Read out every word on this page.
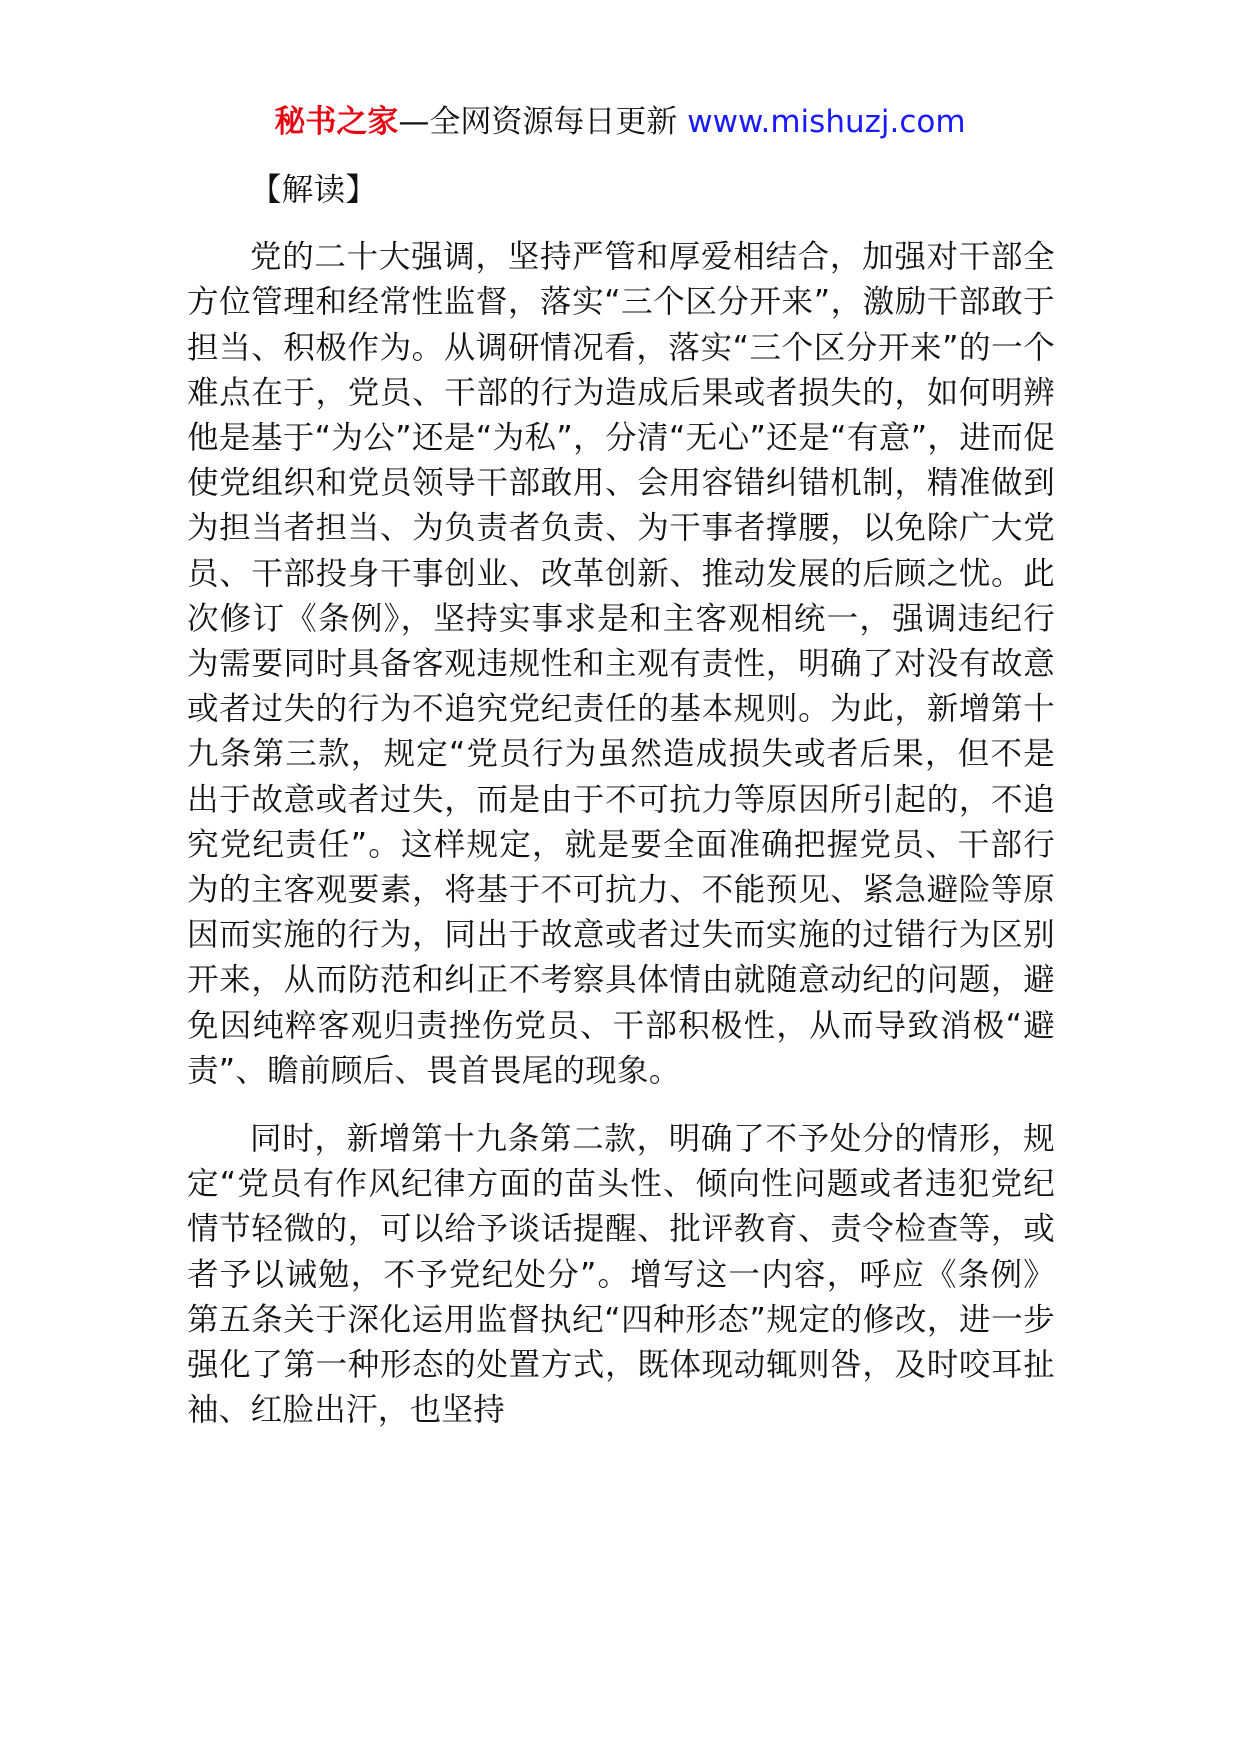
秘书之家—全网资源每日更新 www.mishuzj.com
【解读】

党的二十大强调，坚持严管和厚爱相结合，加强对干部全方位管理和经常性监督，落实“三个区分开来”，激励干部敢于担当、积极作为。从调研情况看，落实“三个区分开来”的一个难点在于，党员、干部的行为造成后果或者损失的，如何明辨他是基于“为公”还是“为私”，分清“无心”还是“有意”，进而促使党组织和党员领导干部敢用、会用容错纠错机制，精准做到为担当者担当、为负责者负责、为干事者撑腰，以免除广大党员、干部投身干事创业、改革创新、推动发展的后顾之忧。此次修订《条例》，坚持实事求是和主客观相统一，强调违纪行为需要同时具备客观违规性和主观有责性，明确了对没有故意或者过失的行为不追究党纪责任的基本规则。为此，新增第十九条第三款，规定“党员行为虽然造成损失或者后果，但不是出于故意或者过失，而是由于不可抗力等原因所引起的，不追究党纪责任”。这样规定，就是要全面准确把握党员、干部行为的主客观要素，将基于不可抗力、不能预见、紧急避险等原因而实施的行为，同出于故意或者过失而实施的过错行为区别开来，从而防范和纠正不考察具体情由就随意动纪的问题，避免因纯粹客观归责挫伤党员、干部积极性，从而导致消极“避责”、瞻前顾后、畏首畏尾的现象。

同时，新增第十九条第二款，明确了不予处分的情形，规定“党员有作风纪律方面的苗头性、倾向性问题或者违犯党纪情节轻微的，可以给予谈话提醒、批评教育、责令检查等，或者予以诫勉，不予党纪处分”。增写这一内容，呼应《条例》第五条关于深化运用监督执纪“四种形态”规定的修改，进一步强化了第一种形态的处置方式，既体现动辄则咎，及时咬耳扯袖、红脸出汗，也坚持
